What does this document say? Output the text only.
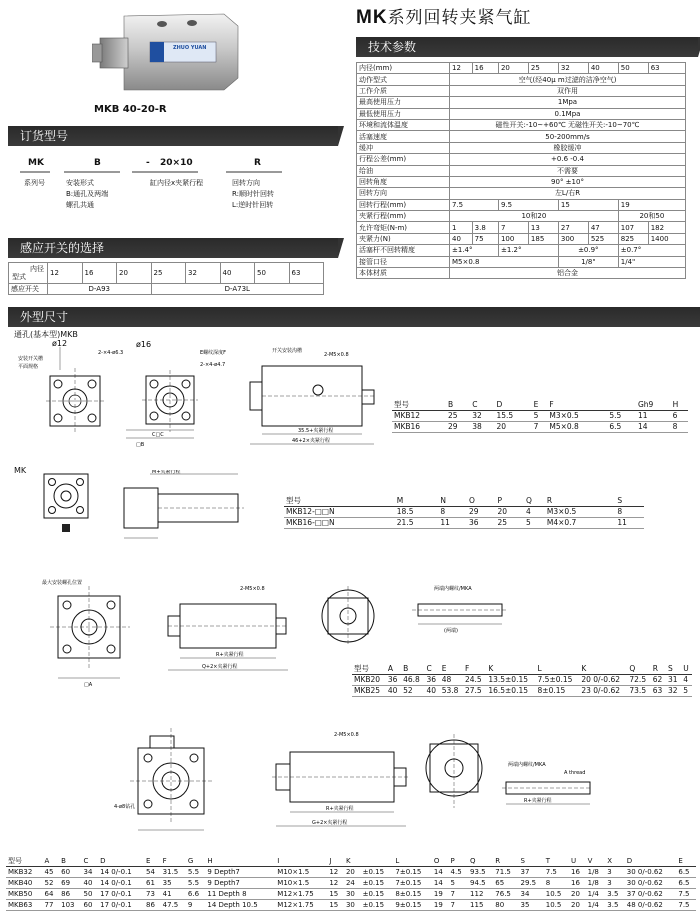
MK系列回转夹紧气缸
ZHUO YUAN
MKB 40-20-R
技术参数
订货型号
感应开关的选择
外型尺寸
MK	B	- 20×10	R
系列号	安装形式
B:通孔及两端
螺孔共通
缸内径x夹紧行程	回转方向
R:顺时针回转
L:逆时针回转
内径
型式	12	16	20	25	32	40	50	63
感应开关	D-A93			D-A73L				
内径(mm)	12	16	20	25	32	40	50	63
动作型式	空气(经40μ m过滤的洁净空气)							
工作介质	双作用							
最高使用压力	1Mpa							
最低使用压力	0.1Mpa							
环境和流体温度	磁性开关:-10~+60℃ 无磁性开关:-10~70℃							
活塞速度	50-200mm/s							
缓冲	橡胶缓冲							
行程公差(mm)	+0.6 -0.4							
给油	不需要							
回转角度	90° ±10°							
回转方向	左L/右R							
回转行程(mm)	7.5		9.5		15		19	
夹紧行程(mm)	10和20						20和50	
允许弯矩(N-m)	1	3.8	7	13	27	47	107	182
夹紧力(N)	40	75	100	185	300	525	825	1400
活塞杆不回转精度	±1.4°		±1.2°		±0.9°		±0.7°	
接管口径	M5×0.8				1/8"		1/4"	
本体材质	铝合金							
通孔(基本型)MKB
MK
ø12
安装开关槽
平面规格
ø16
2-×4-ø6.3	E螺纹深度F
2-×4-ø4.7
C□C
□B
2-M5×0.8
开关安装沟槽
35.5+夹紧行程
46+2×夹紧行程
型号	B	C	D	E	F		Gh9	H
MKB12	25	32	15.5	5	M3×0.5	5.5	11	6
MKB16	29	38	20	7	M5×0.8	6.5	14	8
M+夹紧行程
型号	M	N	O	P	Q	R	S
MKB12-□□N	18.5	8	29	20	4	M3×0.5	8
MKB16-□□N	21.5	11	36	25	5	M4×0.7	11
最大安装螺孔位置
□A
2-M5×0.8
R+夹紧行程
Q+2×夹紧行程
两端内螺纹/MKA
(两端)
型号	A	B	C	E	F	K	L	K	Q	R	S	U
MKB20	36	46.8	36	48	24.5	13.5±0.15	7.5±0.15	20 0/-0.62	72.5	62	31	4
MKB25	40	52	40	53.8	27.5	16.5±0.15	8±0.15	23 0/-0.62	73.5	63	32	5
4-ø8钻孔
2-M5×0.8
R+夹紧行程
G+2×夹紧行程
两端内螺纹/MKA
A thread
R+夹紧行程
型号	A	B	C	D	E	F	G	H	I	J	K		L	O	P	Q	R	S	T	U	V	X	D	E
MKB32	45	60	34	14 0/-0.1	54	31.5	5.5	9 Depth7	M10×1.5	12	20	±0.15	7±0.15	14	4.5	93.5	71.5	37	7.5	16	1/8	3	30 0/-0.62	6.5
MKB40	52	69	40	14 0/-0.1	61	35	5.5	9 Depth7	M10×1.5	12	24	±0.15	7±0.15	14	5	94.5	65	29.5	8	16	1/8	3	30 0/-0.62	6.5
MKB50	64	86	50	17 0/-0.1	73	41	6.6	11 Depth 8	M12×1.75	15	30	±0.15	8±0.15	19	7	112	76.5	34	10.5	20	1/4	3.5	37 0/-0.62	7.5
MKB63	77	103	60	17 0/-0.1	86	47.5	9	14 Depth 10.5	M12×1.75	15	30	±0.15	9±0.15	19	7	115	80	35	10.5	20	1/4	3.5	48 0/-0.62	7.5
